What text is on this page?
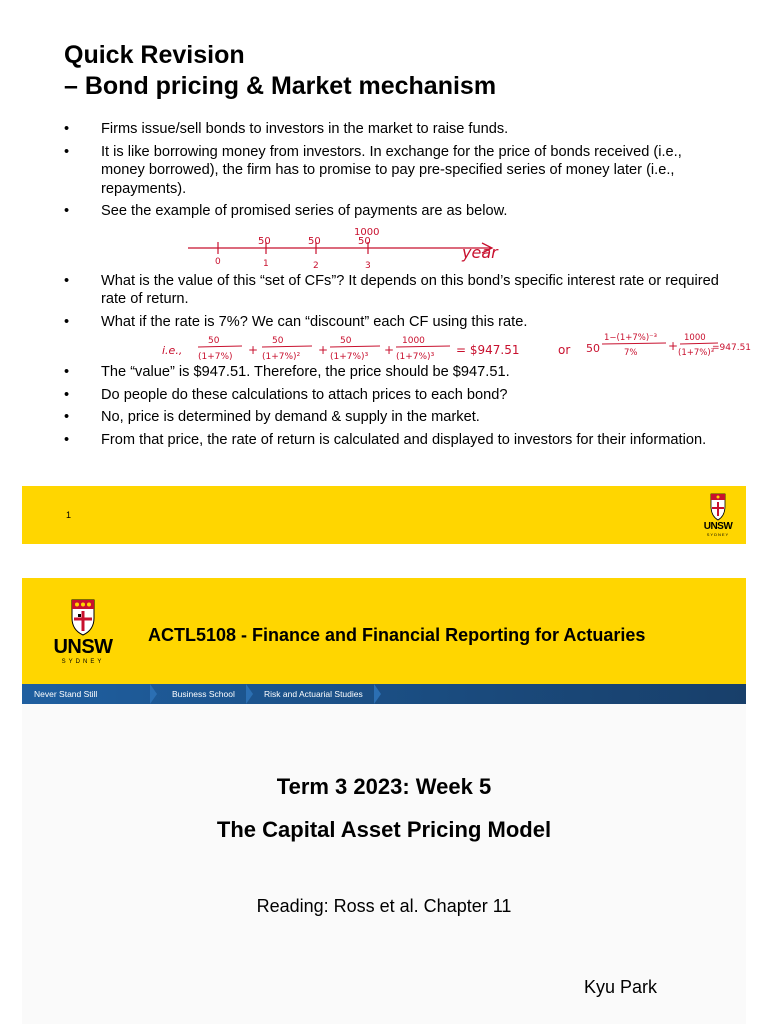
Quick Revision
– Bond pricing & Market mechanism
• Firms issue/sell bonds to investors in the market to raise funds.
• It is like borrowing money from investors. In exchange for the price of bonds received (i.e., money borrowed), the firm has to promise to pay pre-specified series of money later (i.e., repayments).
• See the example of promised series of payments are as below.
• What is the value of this “set of CFs”? It depends on this bond’s specific interest rate or required rate of return.
• What if the rate is 7%? We can “discount” each CF using this rate.
• The “value” is $947.51. Therefore, the price should be $947.51.
• Do people do these calculations to attach prices to each bond?
• No, price is determined by demand & supply in the market.
• From that price, the rate of return is calculated and displayed to investors for their information.
50	50
1000
50
0	1	2	3
year
i.e.,
50
(1+7%) +
50
(1+7%)² +
50
(1+7%)³ +
1000
(1+7%)³ = $947.51	or 50
1−(1+7%)⁻³
7%	+
1000
(1+7%)³
=947.51
1
UNSW
SYDNEY
UNSW
SYDNEY
ACTL5108 - Finance and Financial Reporting for Actuaries
Never Stand Still	Business School	Risk and Actuarial Studies
Term 3 2023: Week 5
The Capital Asset Pricing Model
Reading: Ross et al. Chapter 11
Kyu Park
